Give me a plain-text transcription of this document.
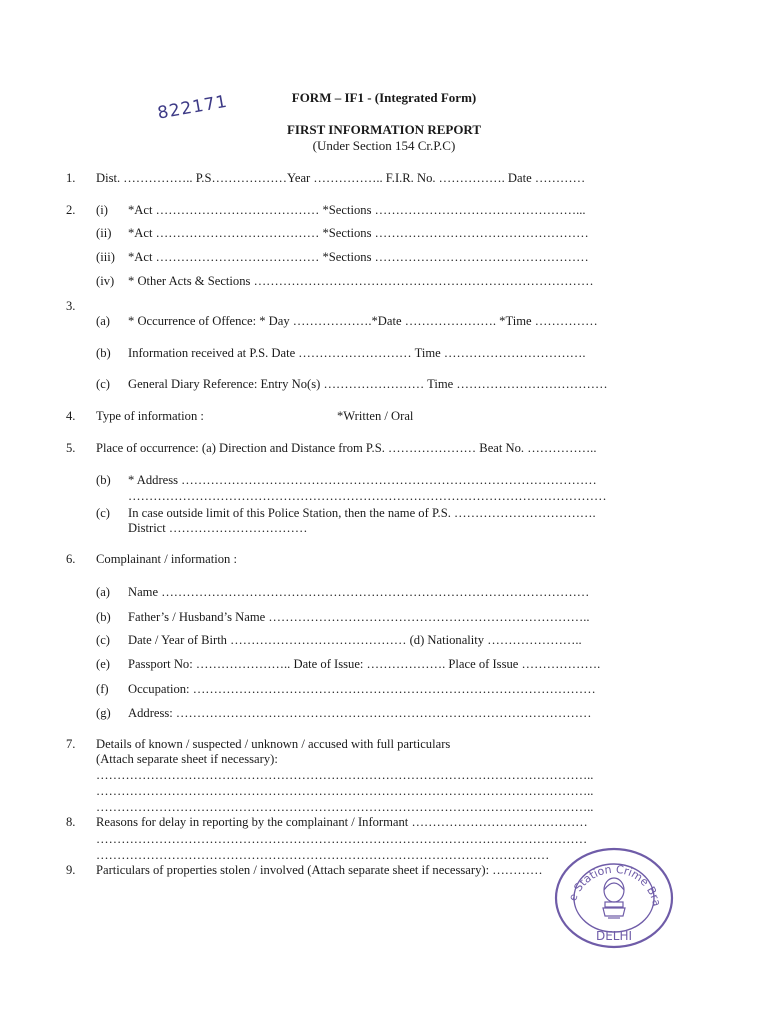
FORM – IF1 - (Integrated Form)
822171
FIRST INFORMATION REPORT
(Under Section 154 Cr.P.C)
1. Dist. …………….. P.S………………Year …………….. F.I.R. No. ……………. Date …………
2. (i) *Act ………………………………… *Sections …………………………………………...
(ii) *Act ………………………………… *Sections ……………………………………………
(iii) *Act ………………………………… *Sections ……………………………………………
(iv) * Other Acts & Sections ………………………………………………………………………
3.
(a) * Occurrence of Offence: * Day ……………….*Date …………………. *Time ……………
(b) Information received at P.S. Date ……………………… Time …………………………….
(c) General Diary Reference: Entry No(s) …………………… Time ………………………………
4. Type of information :	*Written / Oral
5. Place of occurrence: (a) Direction and Distance from P.S. ………………… Beat No. ……………..
(b) * Address ………………………………………………………………………………………
……………………………………………………………………………………………………
(c) In case outside limit of this Police Station, then the name of P.S. …………………………….
District ……………………………
6. Complainant / information :
(a) Name …………………………………………………………………………………………
(b) Father’s / Husband’s Name …………………………………………………………………..
(c) Date / Year of Birth …………………………………… (d) Nationality …………………..
(e) Passport No: ………………….. Date of Issue: ………………. Place of Issue ……………….
(f) Occupation: ……………………………………………………………………………………
(g) Address: ………………………………………………………………………………………
7. Details of known / suspected / unknown / accused with full particulars
(Attach separate sheet if necessary):
………………………………………………………………………………………………………..
………………………………………………………………………………………………………..
………………………………………………………………………………………………………..
8. Reasons for delay in reporting by the complainant / Informant ……………………………………
………………………………………………………………………………………………………
………………………………………………………………………………………………
9. Particulars of properties stolen / involved (Attach separate sheet if necessary): …………
e Station Crime Bra
DELHI
